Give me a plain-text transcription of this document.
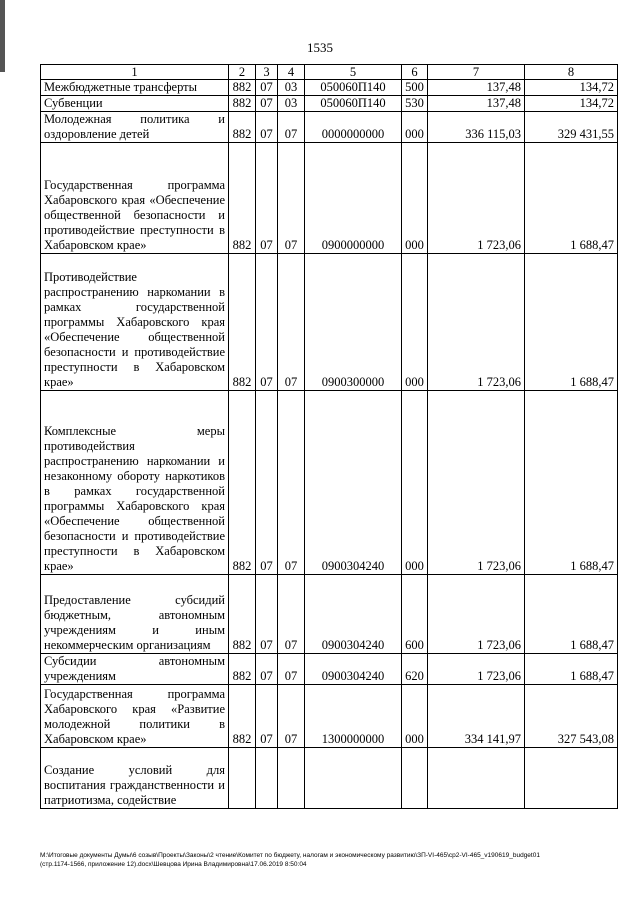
1535
1	2	3	4	5	6	7	8
Межбюджетные трансферты	882	07	03	050060П140	500	137,48	134,72
Субвенции	882	07	03	050060П140	530	137,48	134,72
Молодежная политика и оздоровление детей	882	07	07	0000000000	000	336 115,03	329 431,55
Государственная программа Хабаровского края «Обеспечение общественной безопасности и противодействие преступности в Хабаровском крае»	882	07	07	0900000000	000	1 723,06	1 688,47
Противодействие распространению наркомании в рамках государственной программы Хабаровского края «Обеспечение общественной безопасности и противодействие преступности в Хабаровском крае»	882	07	07	0900300000	000	1 723,06	1 688,47
Комплексные меры противодействия распространению наркомании и незаконному обороту наркотиков в рамках государственной программы Хабаровского края «Обеспечение общественной безопасности и противодействие преступности в Хабаровском крае»	882	07	07	0900304240	000	1 723,06	1 688,47
Предоставление субсидий бюджетным, автономным учреждениям и иным некоммерческим организациям	882	07	07	0900304240	600	1 723,06	1 688,47
Субсидии автономным учреждениям	882	07	07	0900304240	620	1 723,06	1 688,47
Государственная программа Хабаровского края «Развитие молодежной политики в Хабаровском крае»	882	07	07	1300000000	000	334 141,97	327 543,08
Создание условий для воспитания гражданственности и патриотизма, содействие							
M:\Итоговые документы Думы\6 созыв\Проекты\Законы\2 чтение\Комитет по бюджету, налогам и экономическому развитию\ЗП-VI-465\сp2-VI-465_v190619_budget01
(стр.1174-1566, приложение 12).docx\Шевцова Ирина Владимировна\17.06.2019 8:50:04
